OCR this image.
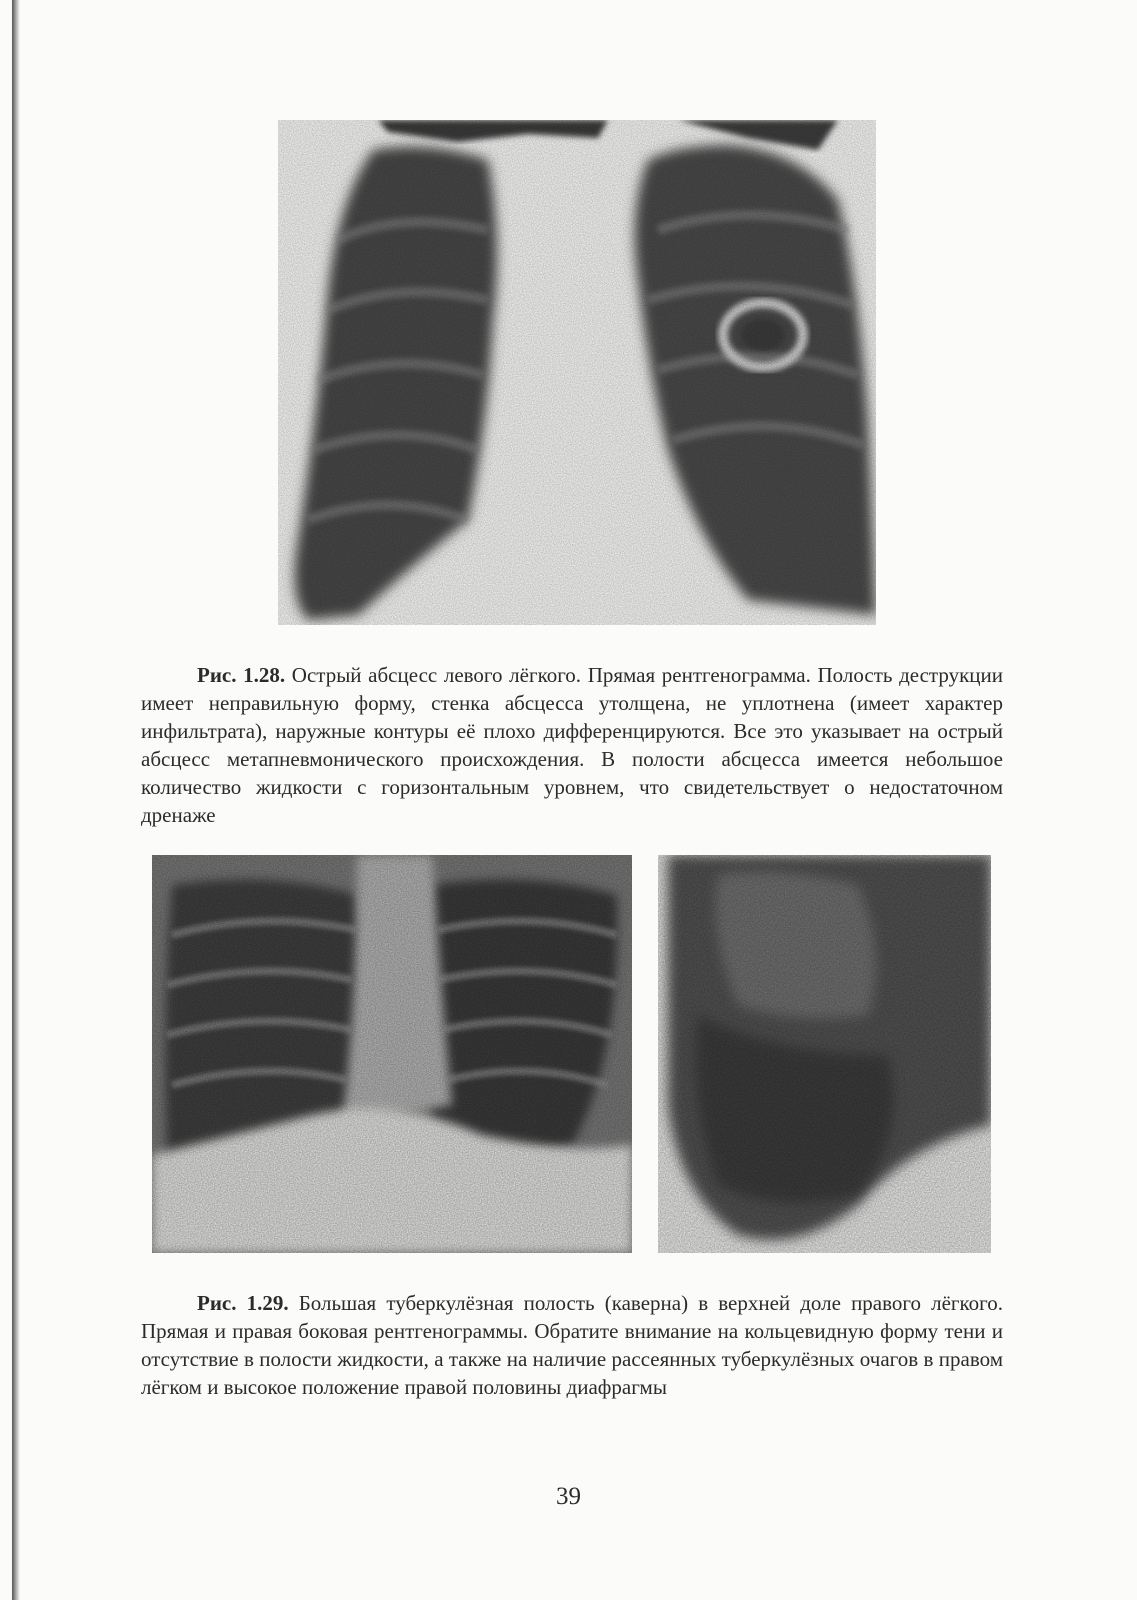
Рис. 1.28. Острый абсцесс левого лёгкого. Прямая рентгенограмма. Полость деструкции имеет неправильную форму, стенка абсцесса утолщена, не уплотнена (имеет характер инфильтрата), наружные контуры её плохо дифференцируются. Все это указывает на острый абсцесс метапневмонического происхождения. В полости абсцесса имеется небольшое количество жидкости с горизонтальным уровнем, что свидетельствует о недостаточном дренаже

Рис. 1.29. Большая туберкулёзная полость (каверна) в верхней доле правого лёгкого. Прямая и правая боковая рентгенограммы. Обратите внимание на кольцевидную форму тени и отсутствие в полости жидкости, а также на наличие рассеянных туберкулёзных очагов в правом лёгком и высокое положение правой половины диафрагмы

39
